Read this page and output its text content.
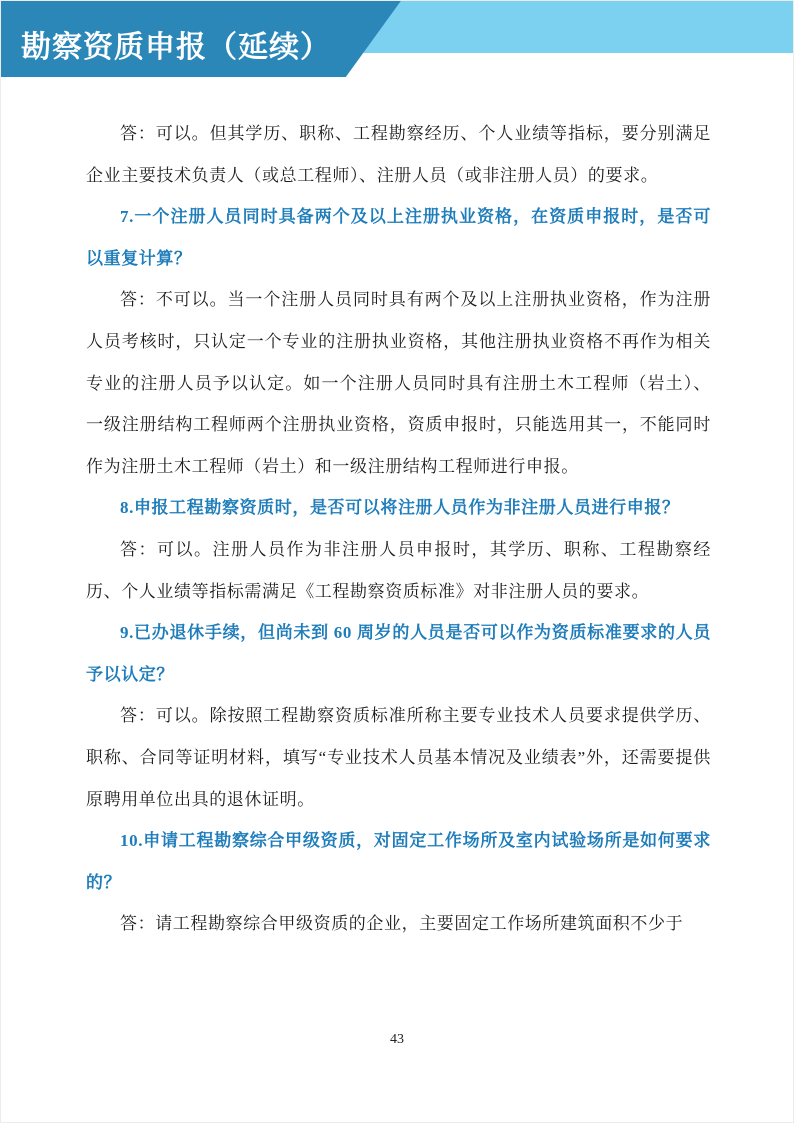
勘察资质申报（延续）

答：可以。但其学历、职称、工程勘察经历、个人业绩等指标，要分别满足企业主要技术负责人（或总工程师）、注册人员（或非注册人员）的要求。

7.一个注册人员同时具备两个及以上注册执业资格，在资质申报时，是否可以重复计算？

答：不可以。当一个注册人员同时具有两个及以上注册执业资格，作为注册人员考核时，只认定一个专业的注册执业资格，其他注册执业资格不再作为相关专业的注册人员予以认定。如一个注册人员同时具有注册土木工程师（岩土）、一级注册结构工程师两个注册执业资格，资质申报时，只能选用其一，不能同时作为注册土木工程师（岩土）和一级注册结构工程师进行申报。

8.申报工程勘察资质时，是否可以将注册人员作为非注册人员进行申报？

答：可以。注册人员作为非注册人员申报时，其学历、职称、工程勘察经历、个人业绩等指标需满足《工程勘察资质标准》对非注册人员的要求。

9.已办退休手续，但尚未到 60 周岁的人员是否可以作为资质标准要求的人员予以认定？

答：可以。除按照工程勘察资质标准所称主要专业技术人员要求提供学历、职称、合同等证明材料，填写“专业技术人员基本情况及业绩表”外，还需要提供原聘用单位出具的退休证明。

10.申请工程勘察综合甲级资质，对固定工作场所及室内试验场所是如何要求的？

答：请工程勘察综合甲级资质的企业，主要固定工作场所建筑面积不少于

43
